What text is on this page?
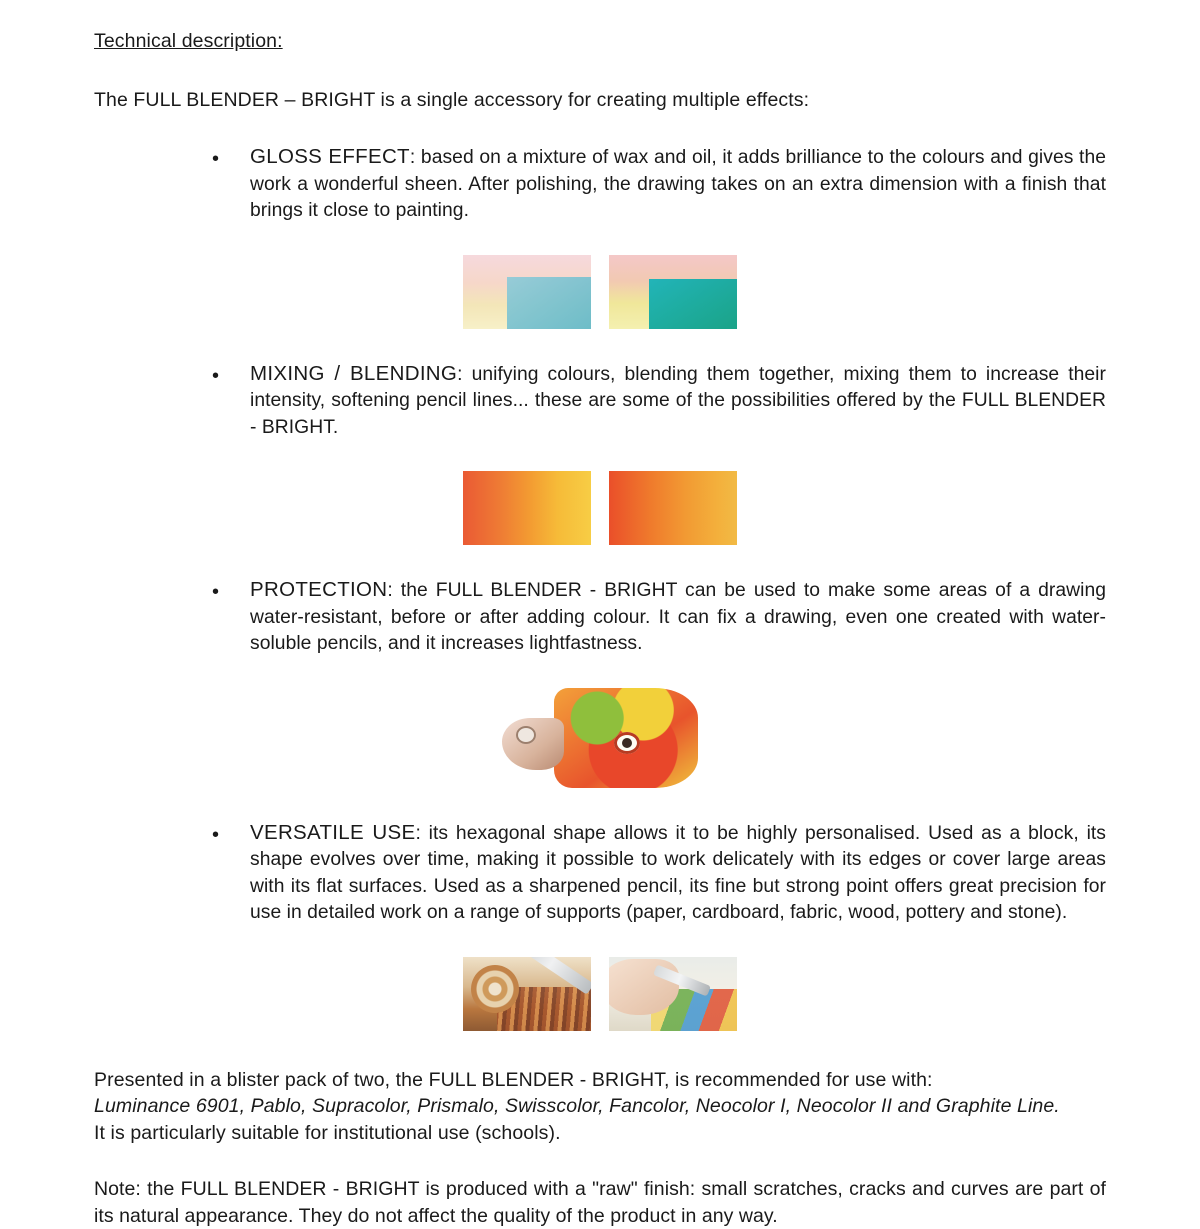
Technical description:
The FULL BLENDER – BRIGHT is a single accessory for creating multiple effects:
•	GLOSS EFFECT: based on a mixture of wax and oil, it adds brilliance to the colours and gives the work a wonderful sheen. After polishing, the drawing takes on an extra dimension with a finish that brings it close to painting.
•	MIXING / BLENDING: unifying colours, blending them together, mixing them to increase their intensity, softening pencil lines... these are some of the possibilities offered by the FULL BLENDER - BRIGHT.
•	PROTECTION: the FULL BLENDER - BRIGHT can be used to make some areas of a drawing water-resistant, before or after adding colour. It can fix a drawing, even one created with water-soluble pencils, and it increases lightfastness.
•	VERSATILE USE: its hexagonal shape allows it to be highly personalised. Used as a block, its shape evolves over time, making it possible to work delicately with its edges or cover large areas with its flat surfaces. Used as a sharpened pencil, its fine but strong point offers great precision for use in detailed work on a range of supports (paper, cardboard, fabric, wood, pottery and stone).
Presented in a blister pack of two, the FULL BLENDER - BRIGHT, is recommended for use with:
Luminance 6901, Pablo, Supracolor, Prismalo, Swisscolor, Fancolor, Neocolor I, Neocolor II and Graphite Line.
It is particularly suitable for institutional use (schools).
Note: the FULL BLENDER - BRIGHT is produced with a "raw" finish: small scratches, cracks and curves are part of its natural appearance. They do not affect the quality of the product in any way.
